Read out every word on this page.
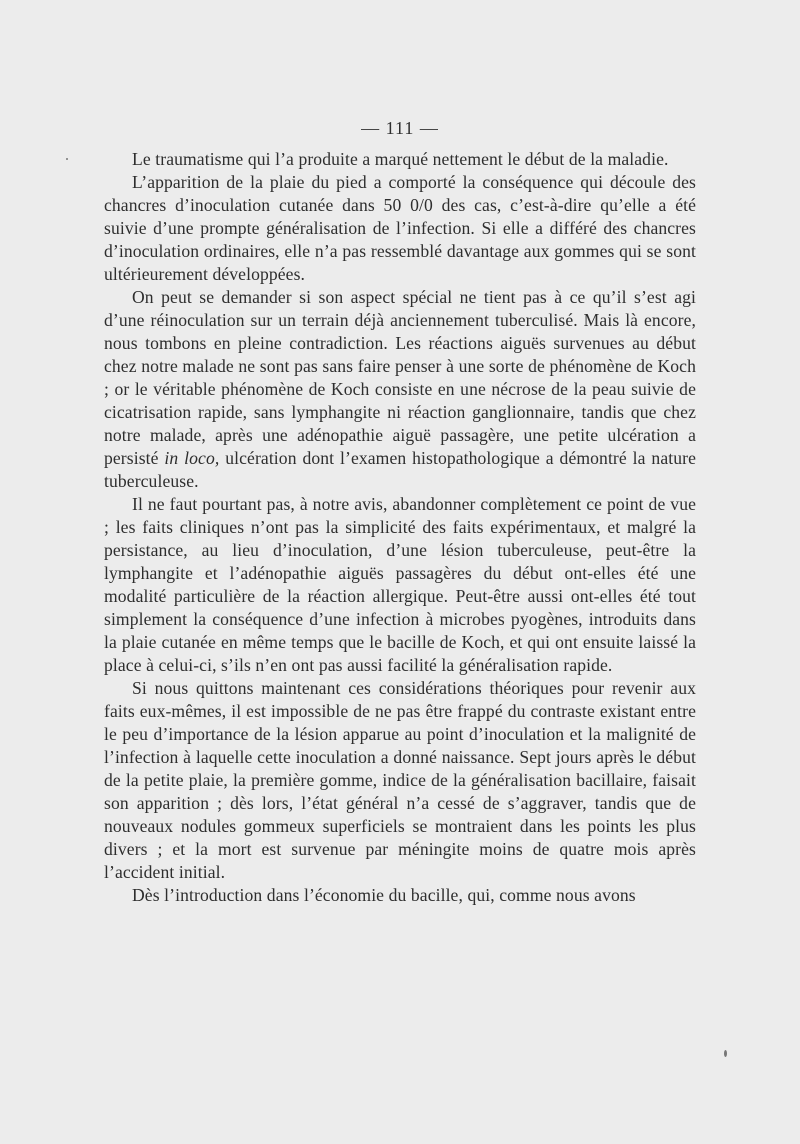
— 111 —

Le traumatisme qui l’a produite a marqué nettement le début de la maladie.

L’apparition de la plaie du pied a comporté la conséquence qui découle des chancres d’inoculation cutanée dans 50 0/0 des cas, c’est-à-dire qu’elle a été suivie d’une prompte généralisation de l’infection. Si elle a différé des chancres d’inoculation ordinaires, elle n’a pas ressemblé davantage aux gommes qui se sont ultérieurement développées.

On peut se demander si son aspect spécial ne tient pas à ce qu’il s’est agi d’une réinoculation sur un terrain déjà anciennement tuberculisé. Mais là encore, nous tombons en pleine contradiction. Les réactions aiguës survenues au début chez notre malade ne sont pas sans faire penser à une sorte de phénomène de Koch ; or le véritable phénomène de Koch consiste en une nécrose de la peau suivie de cicatrisation rapide, sans lymphangite ni réaction ganglionnaire, tandis que chez notre malade, après une adénopathie aiguë passagère, une petite ulcération a persisté in loco, ulcération dont l’examen histopathologique a démontré la nature tuberculeuse.

Il ne faut pourtant pas, à notre avis, abandonner complètement ce point de vue ; les faits cliniques n’ont pas la simplicité des faits expérimentaux, et malgré la persistance, au lieu d’inoculation, d’une lésion tuberculeuse, peut-être la lymphangite et l’adénopathie aiguës passagères du début ont-elles été une modalité particulière de la réaction allergique. Peut-être aussi ont-elles été tout simplement la conséquence d’une infection à microbes pyogènes, introduits dans la plaie cutanée en même temps que le bacille de Koch, et qui ont ensuite laissé la place à celui-ci, s’ils n’en ont pas aussi facilité la généralisation rapide.

Si nous quittons maintenant ces considérations théoriques pour revenir aux faits eux-mêmes, il est impossible de ne pas être frappé du contraste existant entre le peu d’importance de la lésion apparue au point d’inoculation et la malignité de l’infection à laquelle cette inoculation a donné naissance. Sept jours après le début de la petite plaie, la première gomme, indice de la généralisation bacillaire, faisait son apparition ; dès lors, l’état général n’a cessé de s’aggraver, tandis que de nouveaux nodules gommeux superficiels se montraient dans les points les plus divers ; et la mort est survenue par méningite moins de quatre mois après l’accident initial.

Dès l’introduction dans l’économie du bacille, qui, comme nous avons
